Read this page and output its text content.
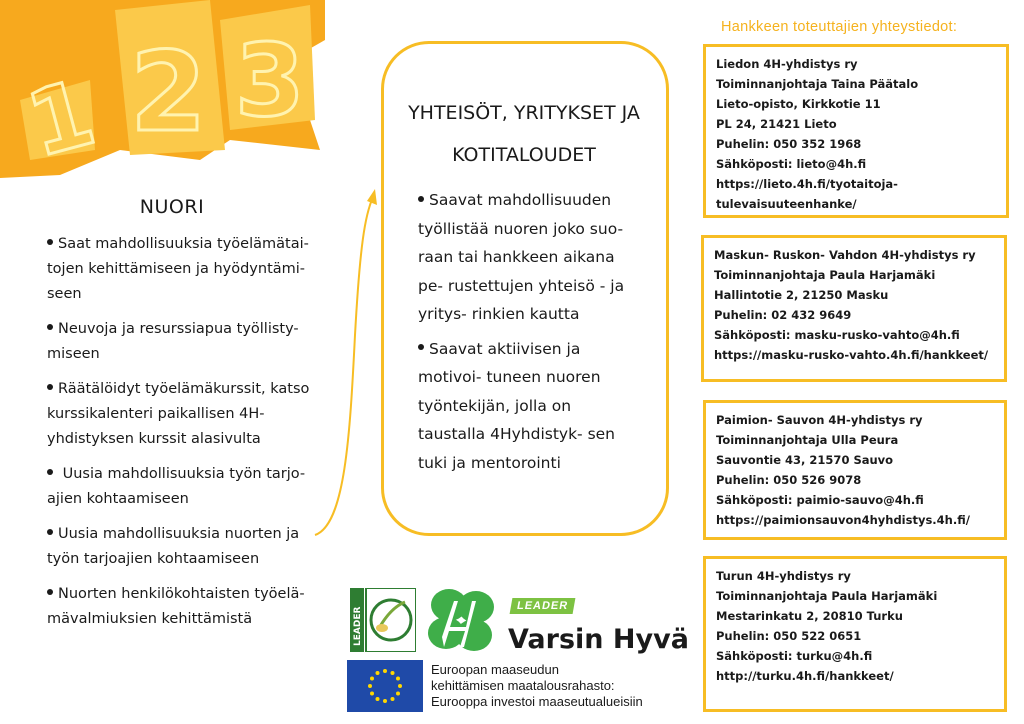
1 2 3
NUORI
Saat mahdollisuuksia työelämätai- tojen kehittämiseen ja hyödyntämi- seen
Neuvoja ja resurssiapua työllisty- miseen
Räätälöidyt työelämäkurssit, katso kurssikalenteri paikallisen 4H- yhdistyksen kurssit alasivulta
Uusia mahdollisuuksia työn tarjo- ajien kohtaamiseen
Uusia mahdollisuuksia nuorten ja työn tarjoajien kohtaamiseen
Nuorten henkilökohtaisten työelä- mävalmiuksien kehittämistä
YHTEISÖT, YRITYKSET JA
KOTITALOUDET
Saavat mahdollisuuden työllistää nuoren joko suo- raan tai hankkeen aikana pe- rustettujen yhteisö - ja yritys- rinkien kautta
Saavat aktiivisen ja motivoi- tuneen nuoren työntekijän, jolla on taustalla 4Hyhdistyk- sen tuki ja mentorointi
Hankkeen toteuttajien yhteystiedot:

Liedon 4H-yhdistys ry

Toiminnanjohtaja Taina Päätalo

Lieto-opisto, Kirkkotie 11

PL 24, 21421 Lieto

Puhelin: 050 352 1968

Sähköposti: lieto@4h.fi

https://lieto.4h.fi/tyotaitoja-

tulevaisuuteenhanke/

Maskun- Ruskon- Vahdon 4H-yhdistys ry

Toiminnanjohtaja Paula Harjamäki

Hallintotie 2, 21250 Masku

Puhelin: 02 432 9649

Sähköposti: masku-rusko-vahto@4h.fi

https://masku-rusko-vahto.4h.fi/hankkeet/

Paimion- Sauvon 4H-yhdistys ry

Toiminnanjohtaja Ulla Peura

Sauvontie 43, 21570 Sauvo

Puhelin: 050 526 9078

Sähköposti: paimio-sauvo@4h.fi

https://paimionsauvon4hyhdistys.4h.fi/

Turun 4H-yhdistys ry

Toiminnanjohtaja Paula Harjamäki

Mestarinkatu 2, 20810 Turku

Puhelin: 050 522 0651

Sähköposti: turku@4h.fi

http://turku.4h.fi/hankkeet/

LEADER
LEADER
Varsin Hyvä
Euroopan maaseudun
kehittämisen maatalousrahasto:
Eurooppa investoi maaseutualueisiin
